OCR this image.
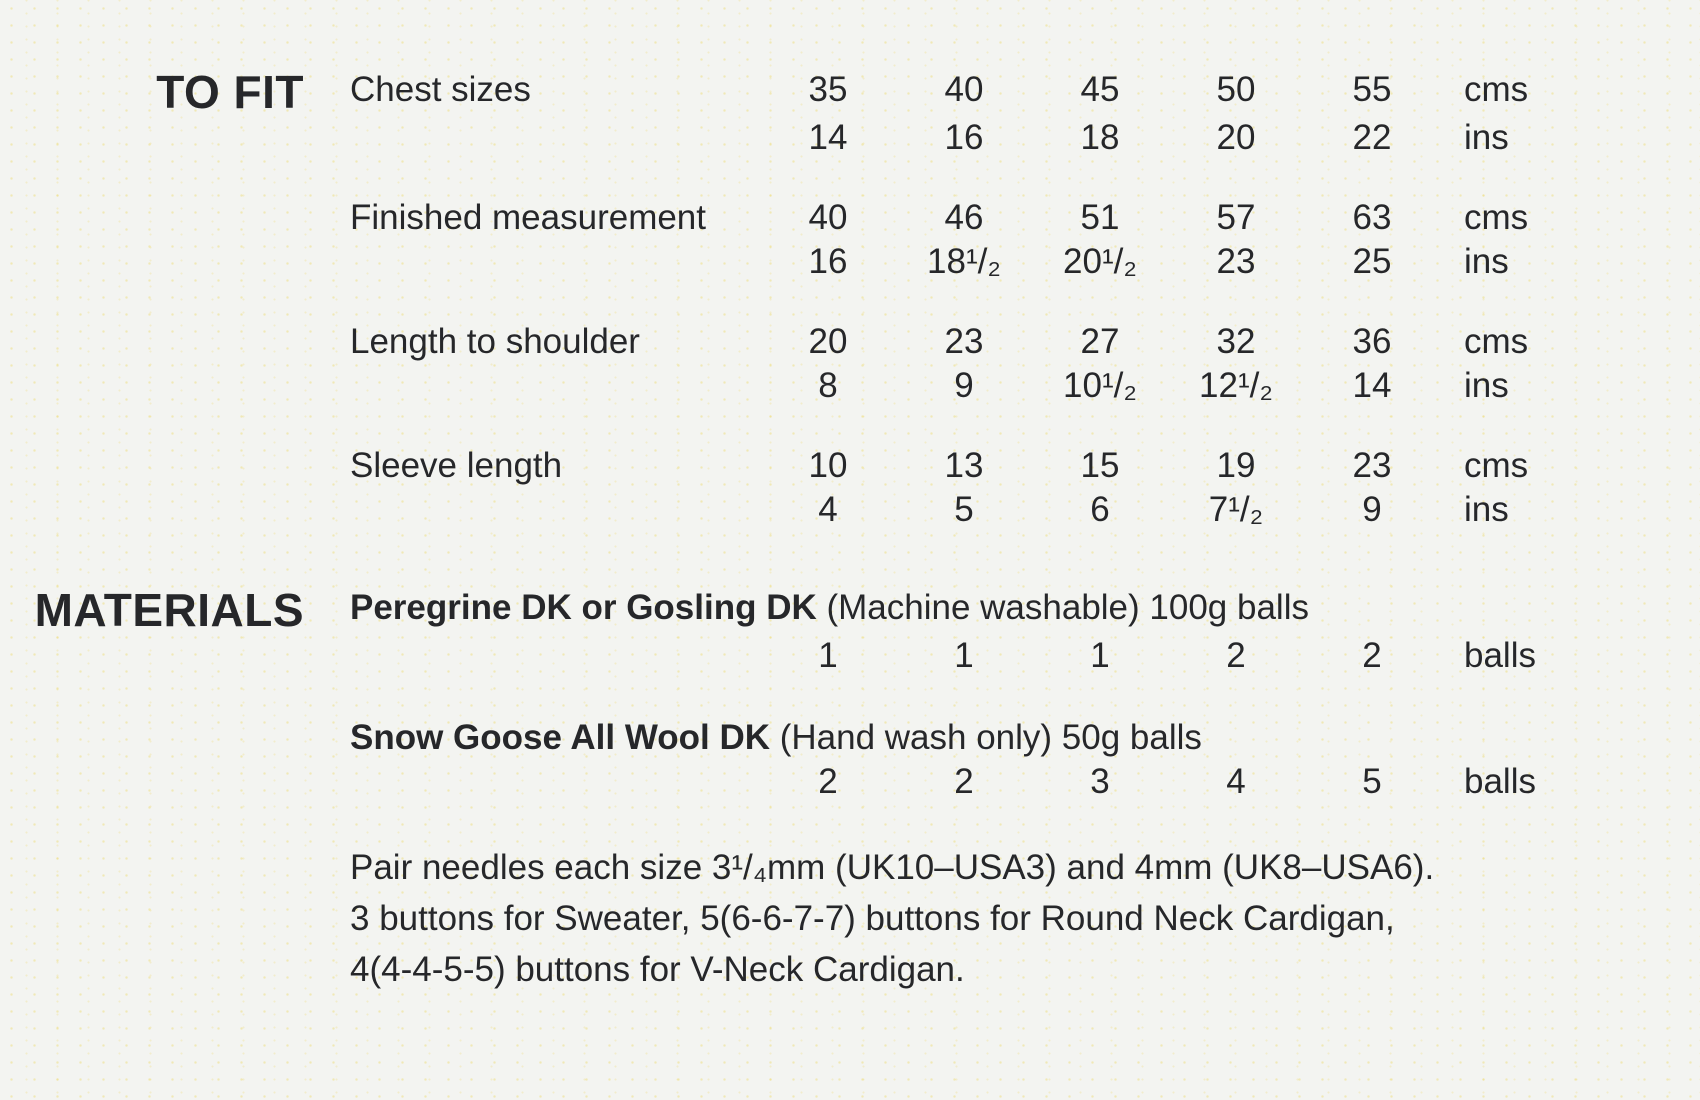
TO FIT	Chest sizes	35	40	45	50	55	cms
14	16	18	20	22	ins
Finished measurement	40	46	51	57	63	cms
16	18¹/₂	20¹/₂	23	25	ins
Length to shoulder	20	23	27	32	36	cms
8	9	10¹/₂	12¹/₂	14	ins
Sleeve length	10	13	15	19	23	cms
4	5	6	7¹/₂	9	ins
MATERIALS	Peregrine DK or Gosling DK (Machine washable) 100g balls
1	1	1	2	2	balls
Snow Goose All Wool DK (Hand wash only) 50g balls
2	2	3	4	5	balls
Pair needles each size 3¹/₄mm (UK10–USA3) and 4mm (UK8–USA6).
3 buttons for Sweater, 5(6-6-7-7) buttons for Round Neck Cardigan,
4(4-4-5-5) buttons for V-Neck Cardigan.
